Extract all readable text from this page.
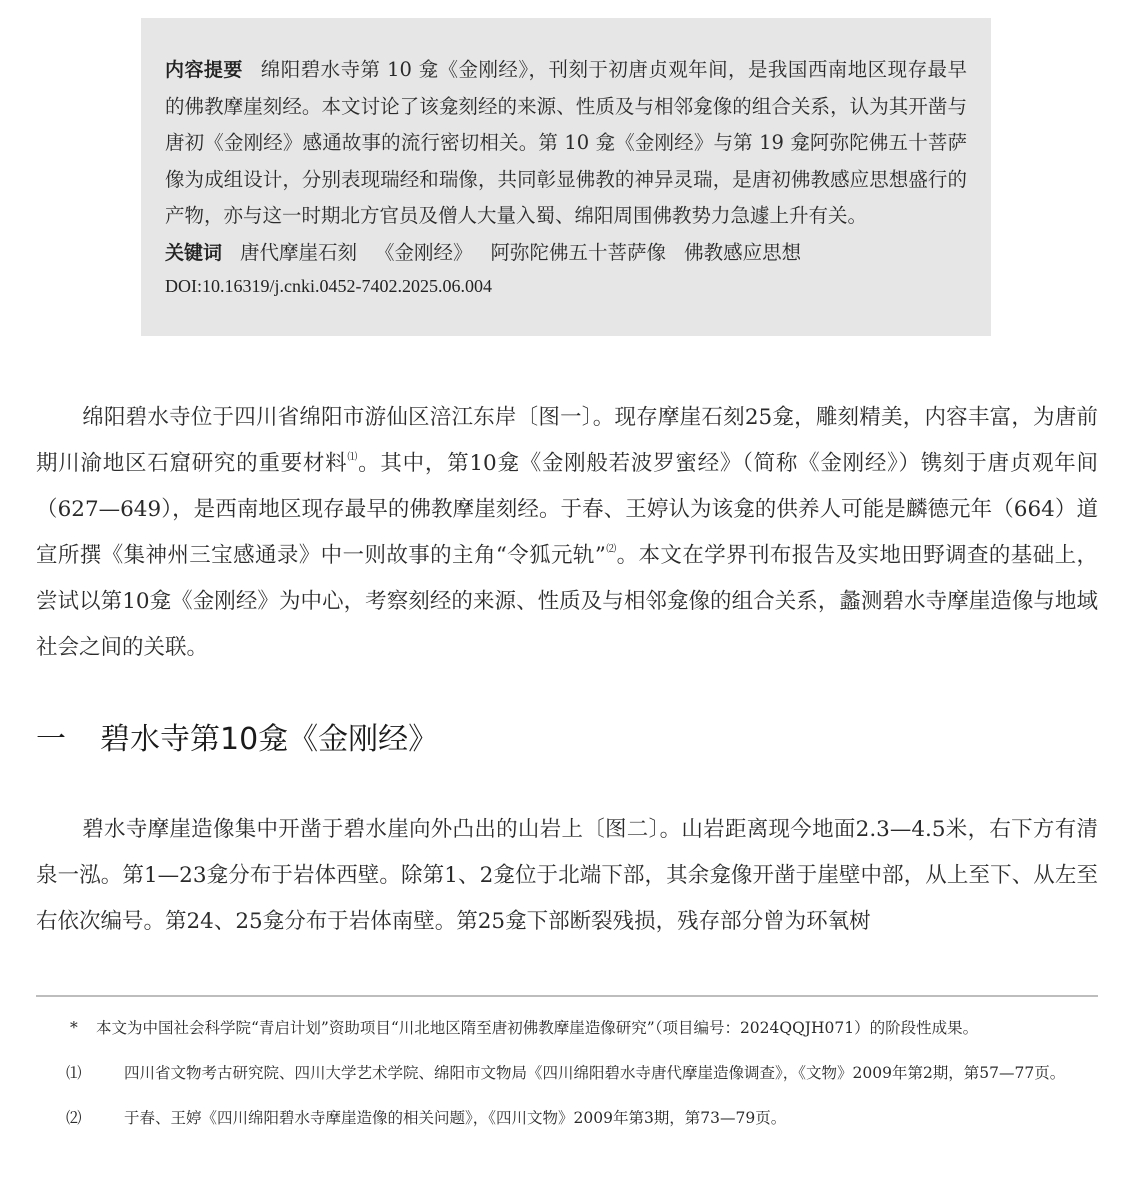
内容提要 绵阳碧水寺第 10 龛《金刚经》，刊刻于初唐贞观年间，是我国西南地区现存最早的佛教摩崖刻经。本文讨论了该龛刻经的来源、性质及与相邻龛像的组合关系，认为其开凿与唐初《金刚经》感通故事的流行密切相关。第 10 龛《金刚经》与第 19 龛阿弥陀佛五十菩萨像为成组设计，分别表现瑞经和瑞像，共同彰显佛教的神异灵瑞，是唐初佛教感应思想盛行的产物，亦与这一时期北方官员及僧人大量入蜀、绵阳周围佛教势力急遽上升有关。
关键词 唐代摩崖石刻 《金刚经》 阿弥陀佛五十菩萨像 佛教感应思想
DOI:10.16319/j.cnki.0452-7402.2025.06.004
绵阳碧水寺位于四川省绵阳市游仙区涪江东岸〔图一〕。现存摩崖石刻25龛，雕刻精美，内容丰富，为唐前期川渝地区石窟研究的重要材料⑴。其中，第10龛《金刚般若波罗蜜经》（简称《金刚经》）镌刻于唐贞观年间（627—649），是西南地区现存最早的佛教摩崖刻经。于春、王婷认为该龛的供养人可能是麟德元年（664）道宣所撰《集神州三宝感通录》中一则故事的主角“令狐元轨”⑵。本文在学界刊布报告及实地田野调查的基础上，尝试以第10龛《金刚经》为中心，考察刻经的来源、性质及与相邻龛像的组合关系，蠡测碧水寺摩崖造像与地域社会之间的关联。
一 碧水寺第10龛《金刚经》
碧水寺摩崖造像集中开凿于碧水崖向外凸出的山岩上〔图二〕。山岩距离现今地面2.3—4.5米，右下方有清泉一泓。第1—23龛分布于岩体西壁。除第1、2龛位于北端下部，其余龛像开凿于崖壁中部，从上至下、从左至右依次编号。第24、25龛分布于岩体南壁。第25龛下部断裂残损，残存部分曾为环氧树

* 本文为中国社会科学院“青启计划”资助项目“川北地区隋至唐初佛教摩崖造像研究”（项目编号：2024QQJH071）的阶段性成果。

⑴	四川省文物考古研究院、四川大学艺术学院、绵阳市文物局《四川绵阳碧水寺唐代摩崖造像调查》，《文物》2009年第2期，第57—77页。

⑵	于春、王婷《四川绵阳碧水寺摩崖造像的相关问题》，《四川文物》2009年第3期，第73—79页。
